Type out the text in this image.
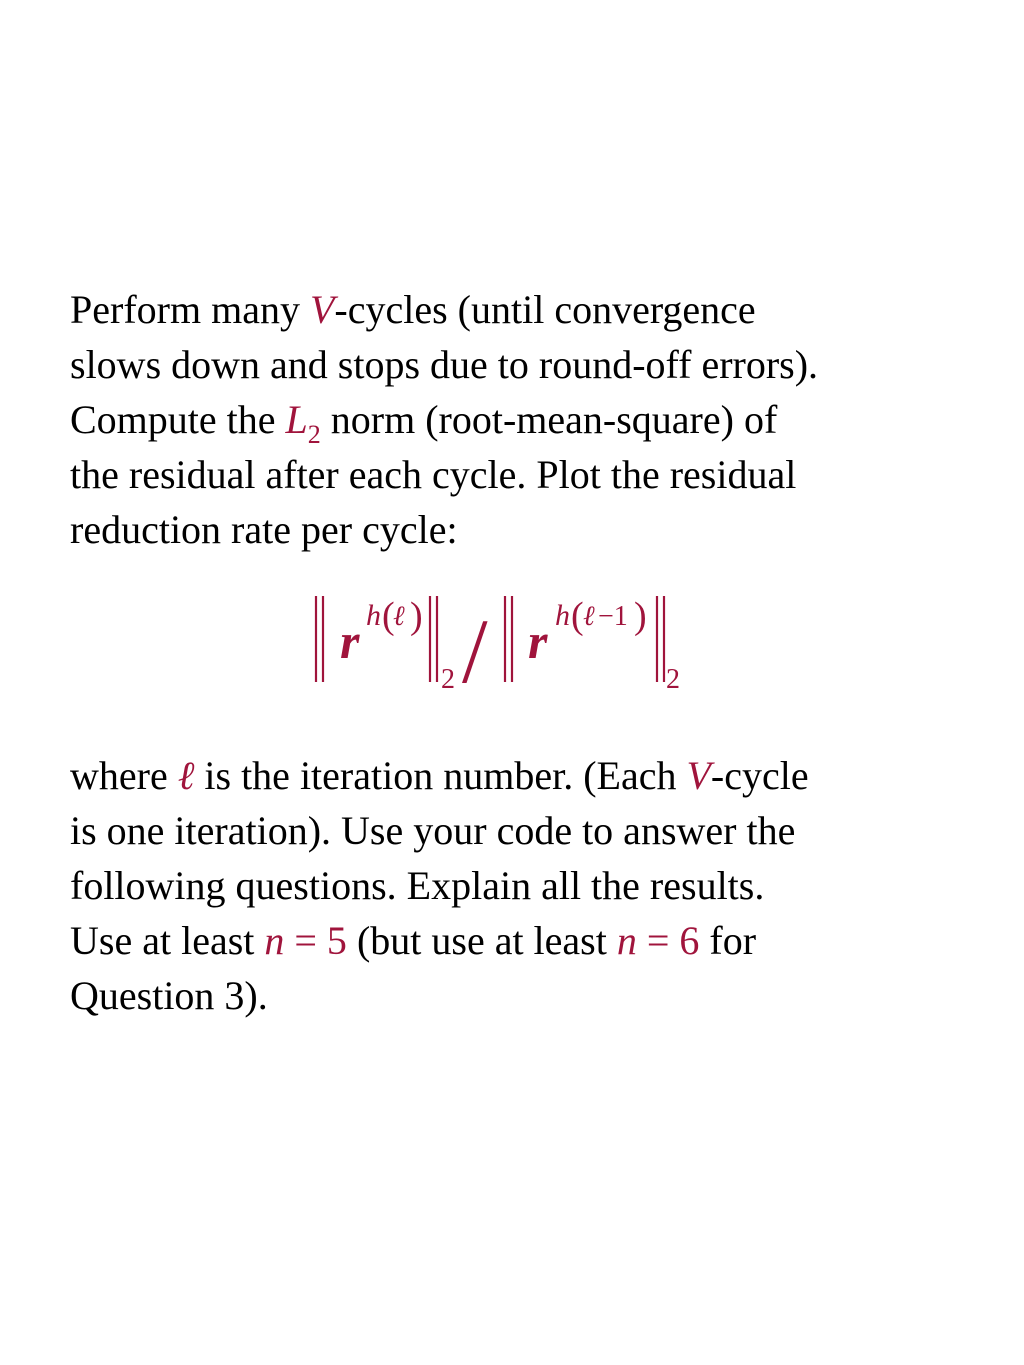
Perform many V-cycles (until convergence
slows down and stops due to round-off errors).
Compute the $L_2$ norm (root-mean-square) of
the residual after each cycle. Plot the residual
reduction rate per cycle:

r h (
ℓ )
2 / r h ( ℓ −1 )
2

where ℓ is the iteration number. (Each V-cycle
is one iteration). Use your code to answer the
following questions. Explain all the results.
Use at least n = 5 (but use at least n = 6 for
Question 3).
